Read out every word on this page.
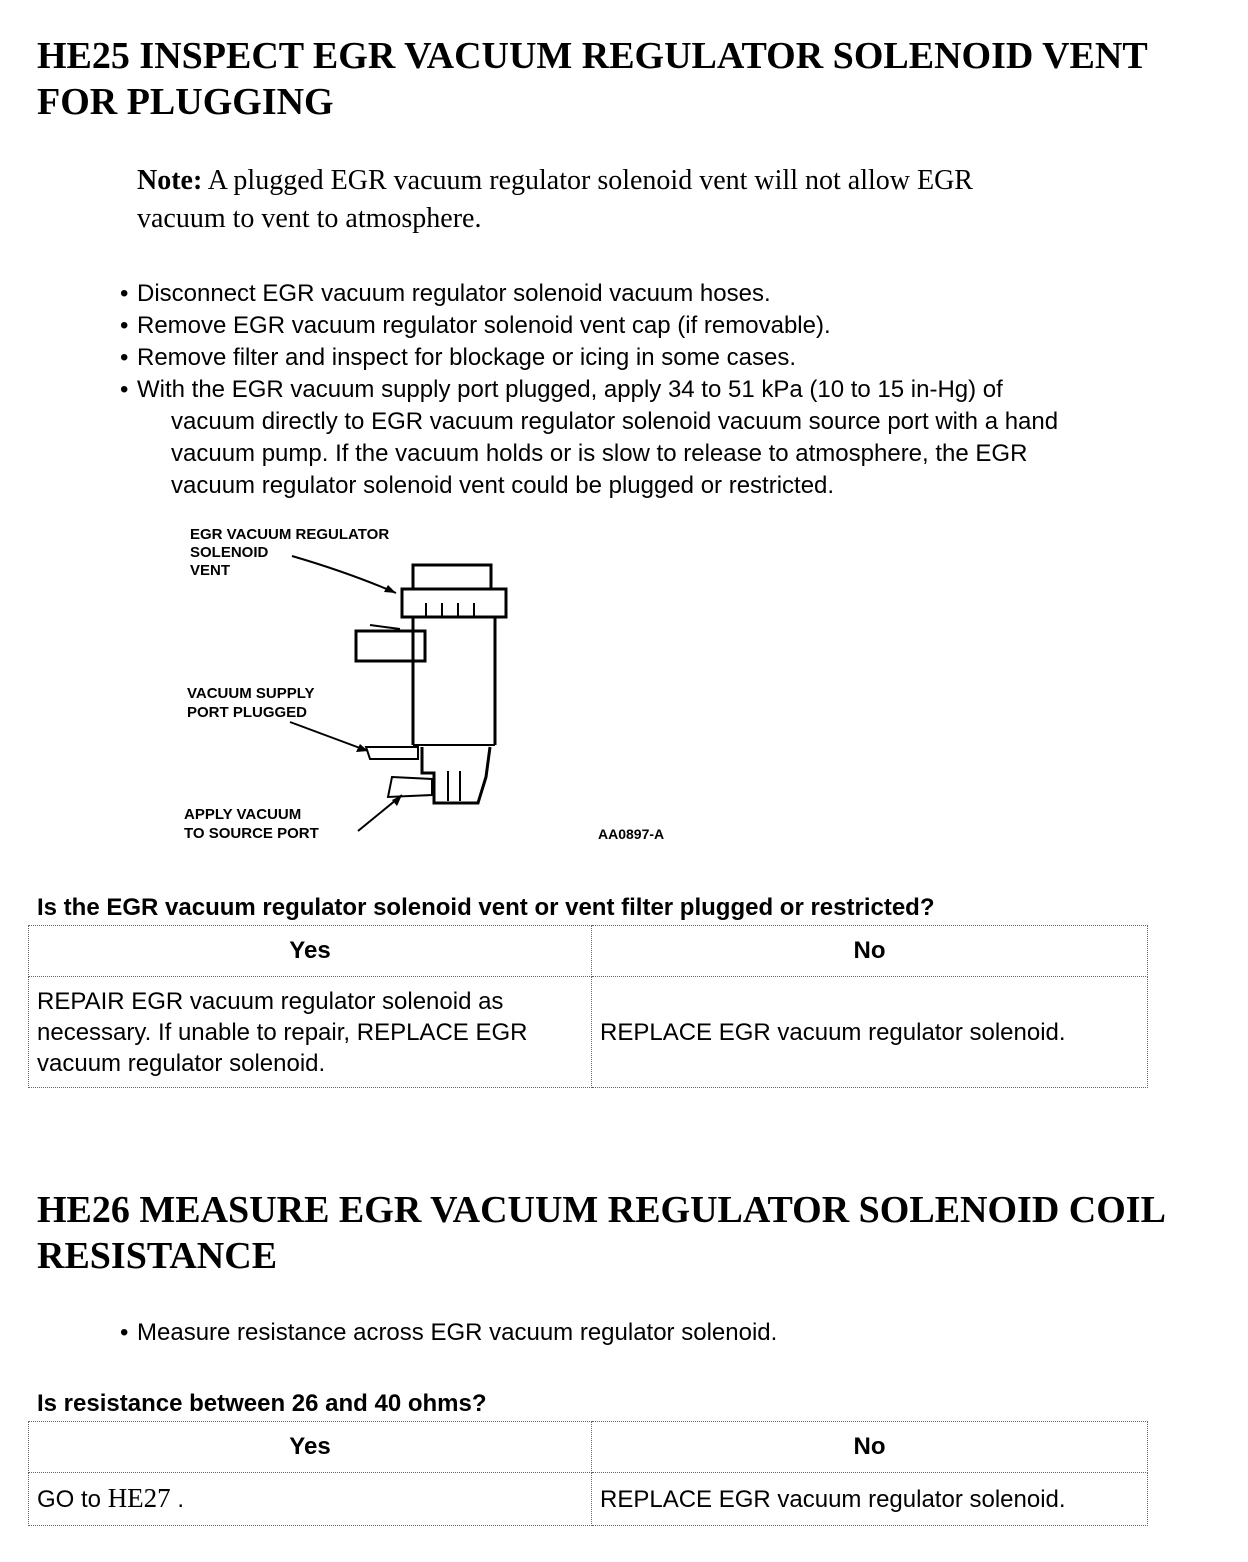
HE25 INSPECT EGR VACUUM REGULATOR SOLENOID VENT
FOR PLUGGING
Note: A plugged EGR vacuum regulator solenoid vent will not allow EGR
vacuum to vent to atmosphere.
• Disconnect EGR vacuum regulator solenoid vacuum hoses.
• Remove EGR vacuum regulator solenoid vent cap (if removable).
• Remove filter and inspect for blockage or icing in some cases.
• With the EGR vacuum supply port plugged, apply 34 to 51 kPa (10 to 15 in-Hg) of
vacuum directly to EGR vacuum regulator solenoid vacuum source port with a hand
vacuum pump. If the vacuum holds or is slow to release to atmosphere, the EGR
vacuum regulator solenoid vent could be plugged or restricted.
EGR VACUUM REGULATOR
SOLENOID
VENT
VACUUM SUPPLY
PORT PLUGGED
APPLY VACUUM
TO SOURCE PORT	AA0897-A
Is the EGR vacuum regulator solenoid vent or vent filter plugged or restricted?
Yes	No
REPAIR EGR vacuum regulator solenoid as necessary. If unable to repair, REPLACE EGR vacuum regulator solenoid.	REPLACE EGR vacuum regulator solenoid.
HE26 MEASURE EGR VACUUM REGULATOR SOLENOID COIL
RESISTANCE
• Measure resistance across EGR vacuum regulator solenoid.
Is resistance between 26 and 40 ohms?
Yes	No
GO to HE27 .	REPLACE EGR vacuum regulator solenoid.
